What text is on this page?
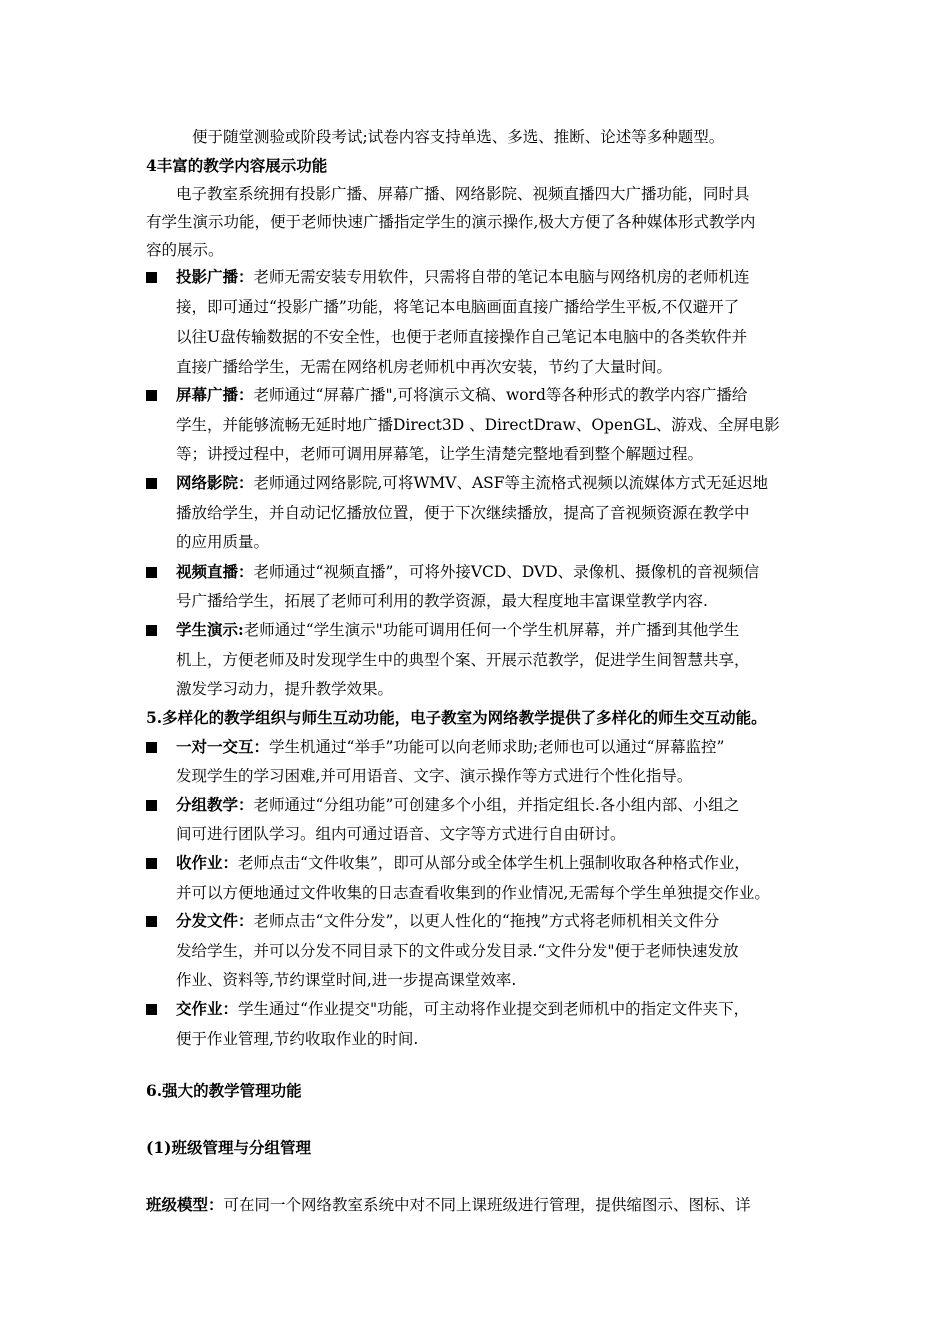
便于随堂测验或阶段考试;试卷内容支持单选、多选、推断、论述等多种题型。
4丰富的教学内容展示功能
电子教室系统拥有投影广播、屏幕广播、网络影院、视频直播四大广播功能，同时具
有学生演示功能，便于老师快速广播指定学生的演示操作,极大方便了各种媒体形式教学内
容的展示。
投影广播：老师无需安装专用软件，只需将自带的笔记本电脑与网络机房的老师机连
接，即可通过“投影广播”功能，将笔记本电脑画面直接广播给学生平板,不仅避开了
以往U盘传输数据的不安全性，也便于老师直接操作自己笔记本电脑中的各类软件并
直接广播给学生，无需在网络机房老师机中再次安装，节约了大量时间。
屏幕广播：老师通过“屏幕广播",可将演示文稿、word等各种形式的教学内容广播给
学生，并能够流畅无延时地广播Direct3D 、DirectDraw、OpenGL、游戏、全屏电影
等；讲授过程中，老师可调用屏幕笔，让学生清楚完整地看到整个解题过程。
网络影院：老师通过网络影院,可将WMV、ASF等主流格式视频以流媒体方式无延迟地
播放给学生，并自动记忆播放位置，便于下次继续播放，提高了音视频资源在教学中
的应用质量。
视频直播：老师通过“视频直播”，可将外接VCD、DVD、录像机、摄像机的音视频信
号广播给学生，拓展了老师可利用的教学资源，最大程度地丰富课堂教学内容.
学生演示:老师通过“学生演示"功能可调用任何一个学生机屏幕，并广播到其他学生
机上，方便老师及时发现学生中的典型个案、开展示范教学，促进学生间智慧共享，
激发学习动力，提升教学效果。
5.多样化的教学组织与师生互动功能，电子教室为网络教学提供了多样化的师生交互动能。
一对一交互：学生机通过“举手”功能可以向老师求助;老师也可以通过“屏幕监控”
发现学生的学习困难,并可用语音、文字、演示操作等方式进行个性化指导。
分组教学：老师通过“分组功能”可创建多个小组，并指定组长.各小组内部、小组之
间可进行团队学习。组内可通过语音、文字等方式进行自由研讨。
收作业：老师点击“文件收集”，即可从部分或全体学生机上强制收取各种格式作业，
并可以方便地通过文件收集的日志查看收集到的作业情况,无需每个学生单独提交作业。
分发文件：老师点击“文件分发”，以更人性化的“拖拽”方式将老师机相关文件分
发给学生，并可以分发不同目录下的文件或分发目录.“文件分发"便于老师快速发放
作业、资料等,节约课堂时间,进一步提高课堂效率.
交作业：学生通过“作业提交"功能，可主动将作业提交到老师机中的指定文件夹下，
便于作业管理,节约收取作业的时间.
6.强大的教学管理功能
(1)班级管理与分组管理
班级模型：可在同一个网络教室系统中对不同上课班级进行管理，提供缩图示、图标、详
